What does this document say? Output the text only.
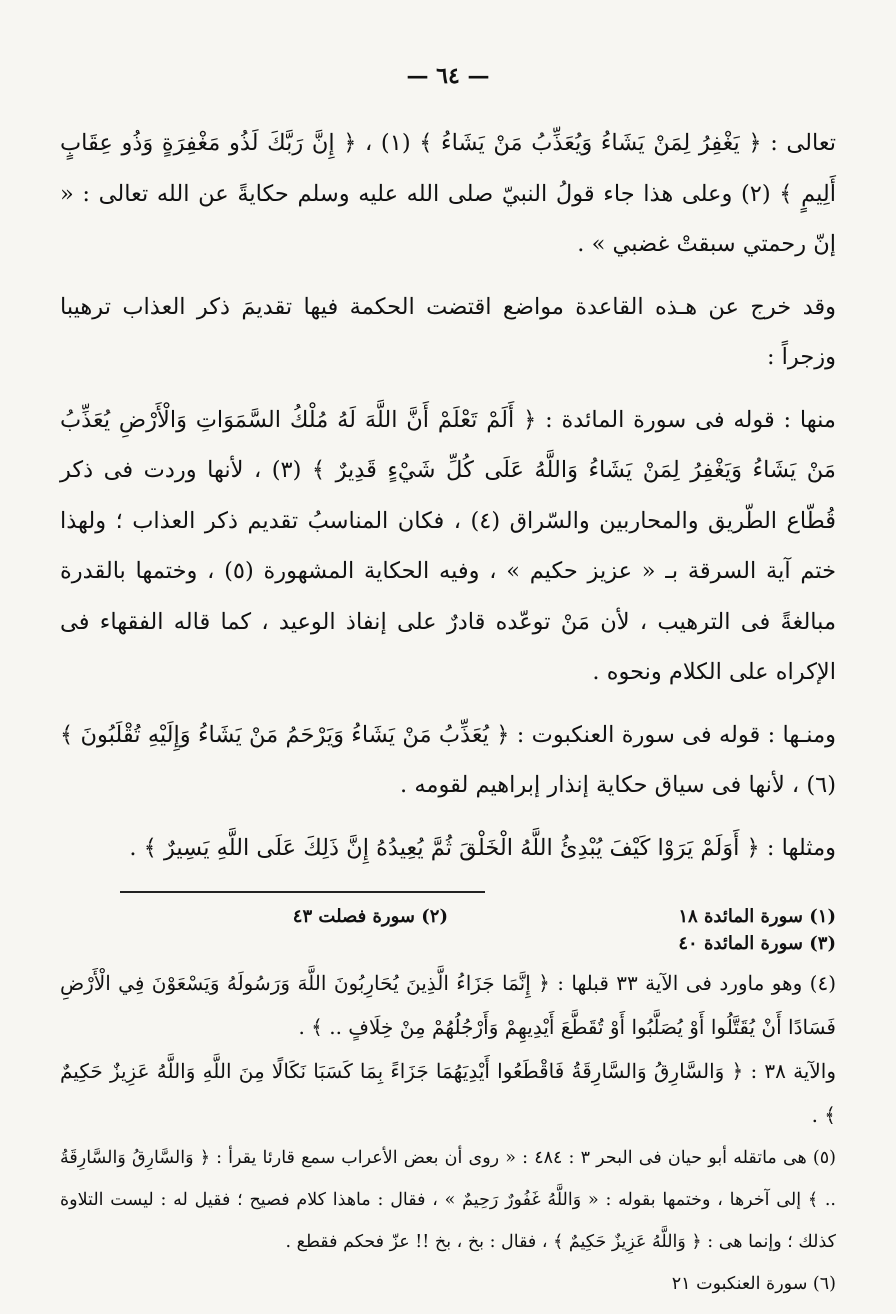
— ٦٤ —

تعالى : ﴿ يَغْفِرُ لِمَنْ يَشَاءُ وَيُعَذِّبُ مَنْ يَشَاءُ ﴾ (١) ، ﴿ إِنَّ رَبَّكَ لَذُو مَغْفِرَةٍ وَذُو عِقَابٍ أَلِيمٍ ﴾ (٢) وعلى هذا جاء قولُ النبيّ صلى الله عليه وسلم حكايةً عن الله تعالى : « إنّ رحمتي سبقتْ غضبي » .

وقد خرج عن هـذه القاعدة مواضع اقتضت الحكمة فيها تقديمَ ذكر العذاب ترهيبا وزجراً :

منها : قوله فى سورة المائدة : ﴿ أَلَمْ تَعْلَمْ أَنَّ اللَّهَ لَهُ مُلْكُ السَّمَوَاتِ وَالْأَرْضِ يُعَذِّبُ مَنْ يَشَاءُ وَيَغْفِرُ لِمَنْ يَشَاءُ وَاللَّهُ عَلَى كُلِّ شَيْءٍ قَدِيرٌ ﴾ (٣) ، لأنها وردت فى ذكر قُطّاع الطّريق والمحاربين والسّراق (٤) ، فكان المناسبُ تقديم ذكر العذاب ؛ ولهذا ختم آية السرقة بـ « عزيز حكيم » ، وفيه الحكاية المشهورة (٥) ، وختمها بالقدرة مبالغةً فى الترهيب ، لأن مَنْ توعّده قادرٌ على إنفاذ الوعيد ، كما قاله الفقهاء فى الإكراه على الكلام ونحوه .

ومنـها : قوله فى سورة العنكبوت : ﴿ يُعَذِّبُ مَنْ يَشَاءُ وَيَرْحَمُ مَنْ يَشَاءُ وَإِلَيْهِ تُقْلَبُونَ ﴾ (٦) ، لأنها فى سياق حكاية إنذار إبراهيم لقومه .

ومثلها : ﴿ أَوَلَمْ يَرَوْا كَيْفَ يُبْدِئُ اللَّهُ الْخَلْقَ ثُمَّ يُعِيدُهُ إِنَّ ذَلِكَ عَلَى اللَّهِ يَسِيرٌ ﴾ .

(١) سورة المائدة ١٨
(٢) سورة فصلت ٤٣
(٣) سورة المائدة ٤٠

(٤) وهو ماورد فى الآية ٣٣ قبلها : ﴿ إِنَّمَا جَزَاءُ الَّذِينَ يُحَارِبُونَ اللَّهَ وَرَسُولَهُ وَيَسْعَوْنَ فِي الْأَرْضِ فَسَادًا أَنْ يُقَتَّلُوا أَوْ يُصَلَّبُوا أَوْ تُقَطَّعَ أَيْدِيهِمْ وَأَرْجُلُهُمْ مِنْ خِلَافٍ .. ﴾ .

والآية ٣٨ : ﴿ وَالسَّارِقُ وَالسَّارِقَةُ فَاقْطَعُوا أَيْدِيَهُمَا جَزَاءً بِمَا كَسَبَا نَكَالًا مِنَ اللَّهِ وَاللَّهُ عَزِيزٌ حَكِيمٌ ﴾ .

(٥) هى ماتقله أبو حيان فى البحر ٣ : ٤٨٤ : « روى أن بعض الأعراب سمع قارئا يقرأ : ﴿ وَالسَّارِقُ وَالسَّارِقَةُ .. ﴾ إلى آخرها ، وختمها بقوله : « وَاللَّهُ غَفُورٌ رَحِيمٌ » ، فقال : ماهذا كلام فصيح ؛ فقيل له : ليست التلاوة كذلك ؛ وإنما هى : ﴿ وَاللَّهُ عَزِيزٌ حَكِيمٌ ﴾ ، فقال : بخ ، بخ !! عزّ فحكم فقطع .

(٦) سورة العنكبوت ٢١
